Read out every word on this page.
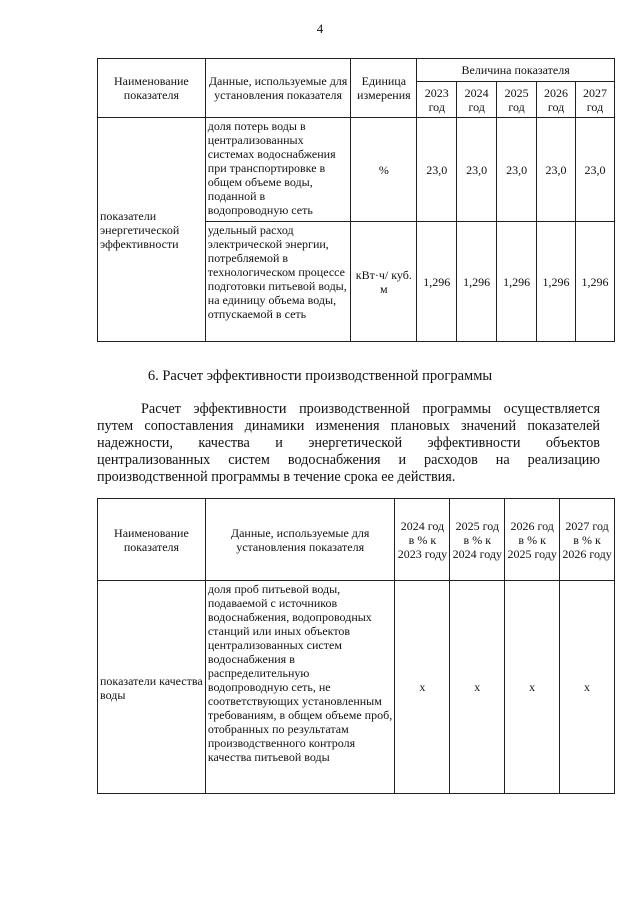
4
Наименование показателя	Данные, используемые для установления показателя	Единица измерения	Величина показателя				
			2023 год	2024 год	2025 год	2026 год	2027 год
показатели энергетической эффективности	доля потерь воды в централизованных системах водоснабжения при транспортировке в общем объеме воды, поданной в водопроводную сеть	%	23,0	23,0	23,0	23,0	23,0
	удельный расход электрической энергии, потребляемой в технологическом процессе подготовки питьевой воды, на единицу объема воды, отпускаемой в сеть	кВт·ч/ куб. м	1,296	1,296	1,296	1,296	1,296
6. Расчет эффективности производственной программы

Расчет эффективности производственной программы осуществляется путем сопоставления динамики изменения плановых значений показателей надежности, качества и энергетической эффективности объектов централизованных систем водоснабжения и расходов на реализацию производственной программы в течение срока ее действия.

Наименование показателя	Данные, используемые для установления показателя	2024 год в % к 2023 году	2025 год в % к 2024 году	2026 год в % к 2025 году	2027 год в % к 2026 году
показатели качества воды	доля проб питьевой воды, подаваемой с источников водоснабжения, водопроводных станций или иных объектов централизованных систем водоснабжения в распределительную водопроводную сеть, не соответствующих установленным требованиям, в общем объеме проб, отобранных по результатам производственного контроля качества питьевой воды	x	x	x	x
